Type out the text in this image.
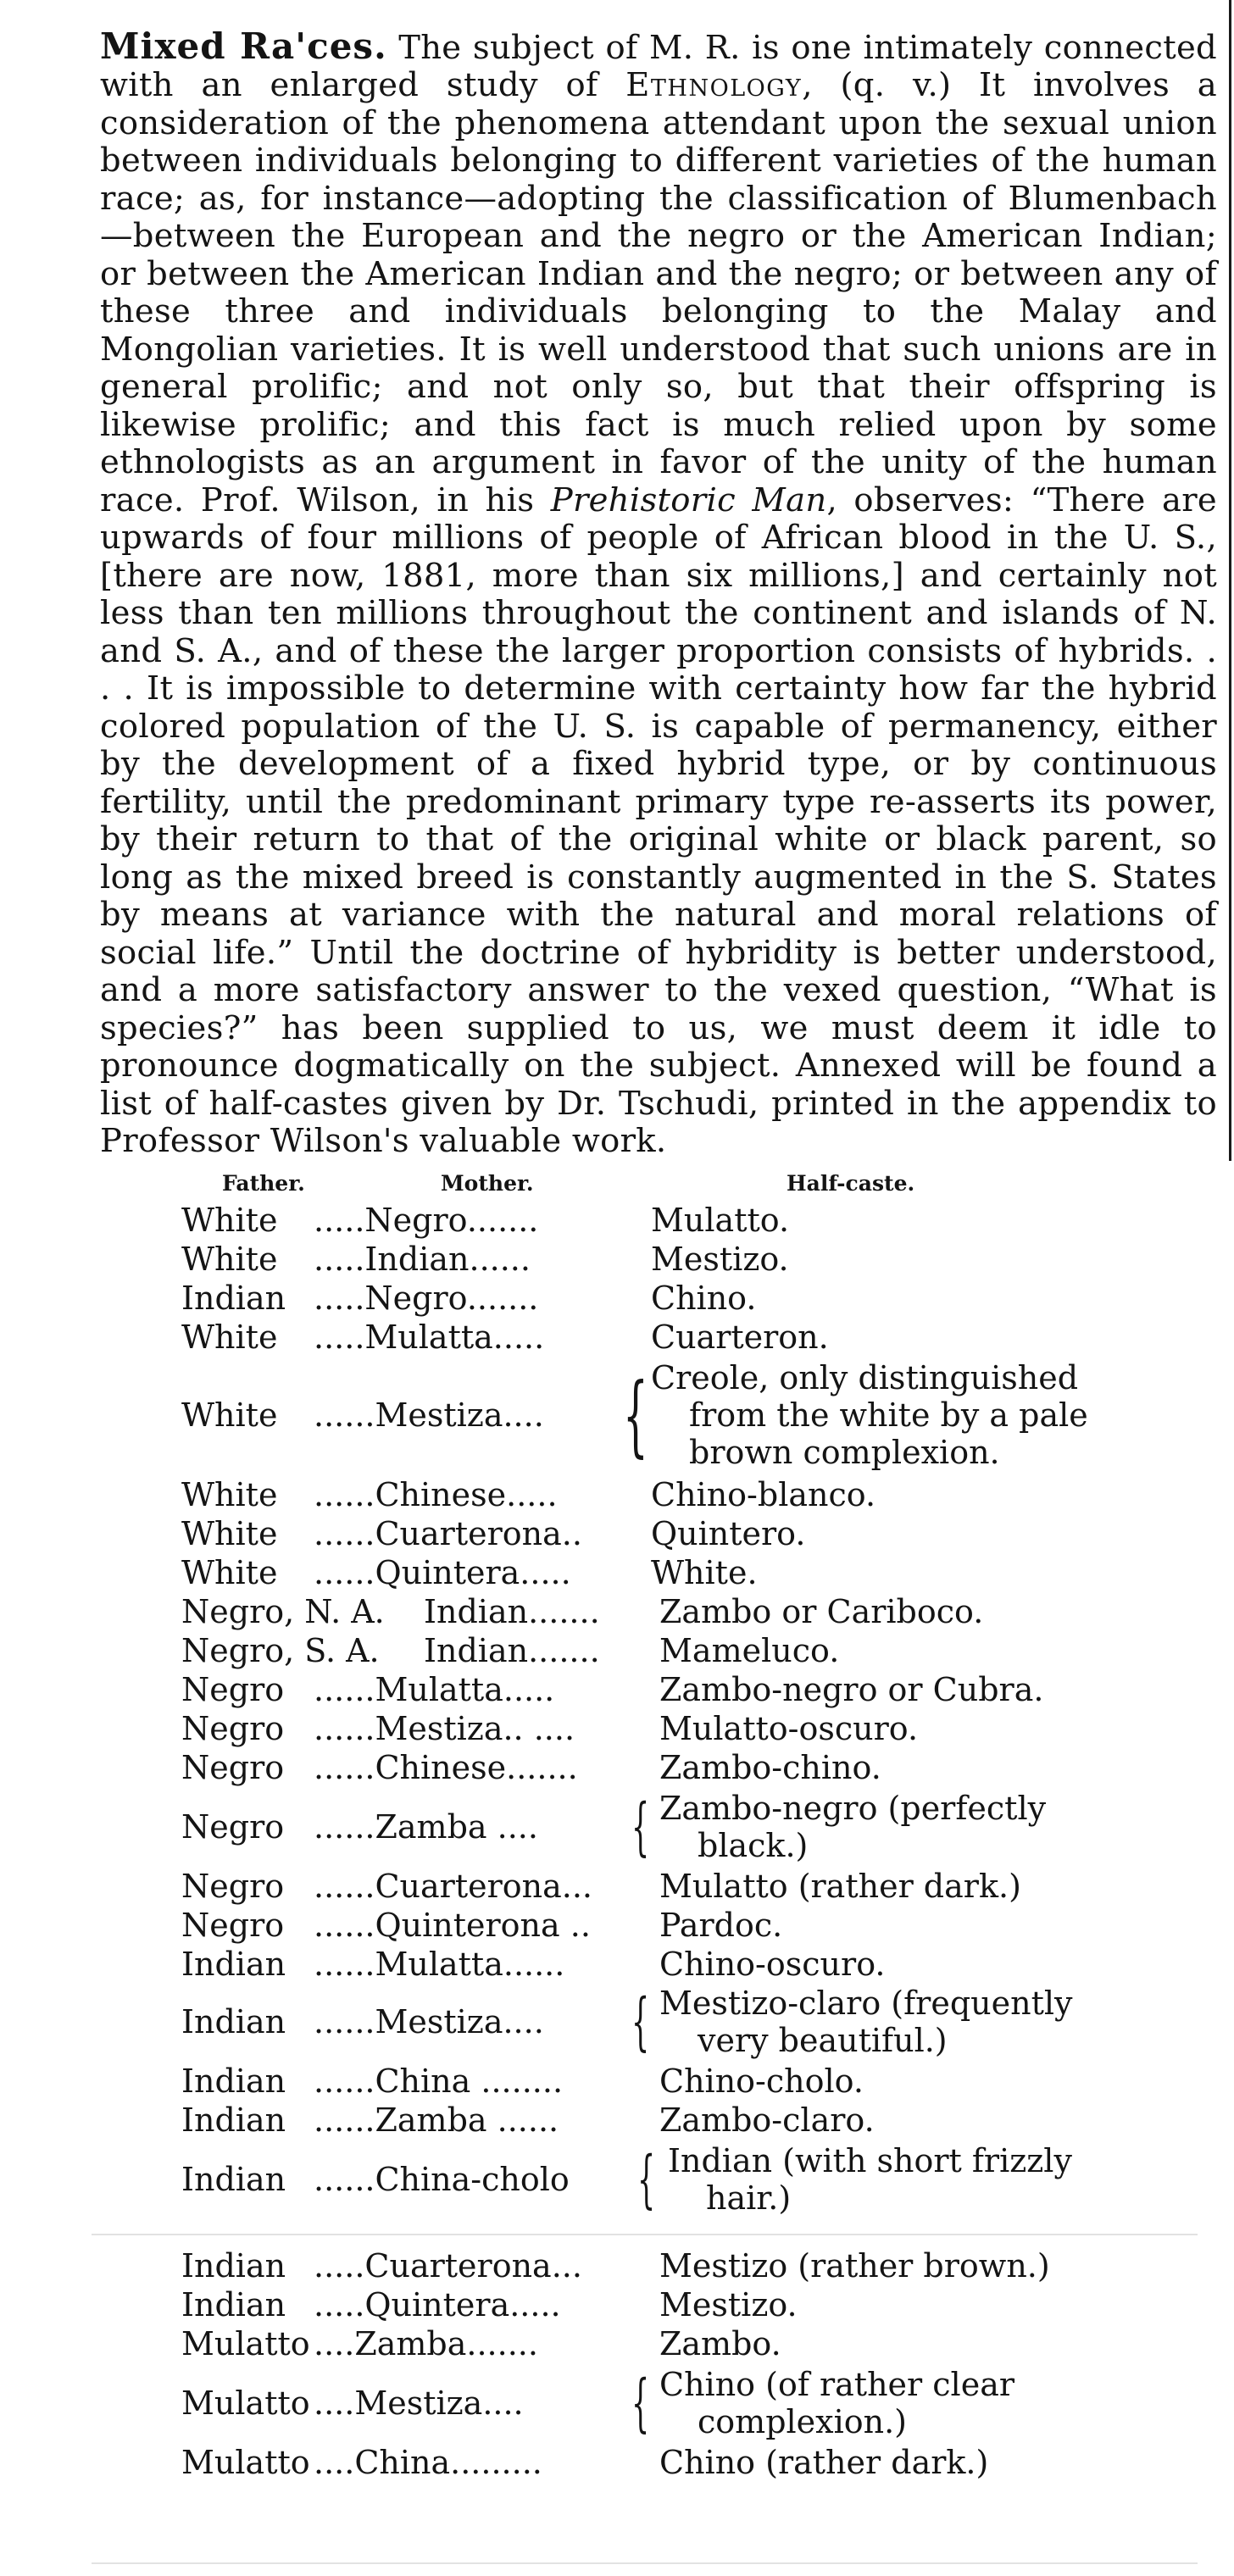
Mixed Ra'ces. The subject of M. R. is one intimately connected with an enlarged study of Ethnology, (q. v.) It involves a consideration of the phenomena attendant upon the sexual union between individuals belonging to different varieties of the human race; as, for instance—adopting the classification of Blumenbach—between the European and the negro or the American Indian; or between the American Indian and the negro; or between any of these three and individuals belonging to the Malay and Mongolian varieties. It is well understood that such unions are in general prolific; and not only so, but that their offspring is likewise prolific; and this fact is much relied upon by some ethnologists as an argument in favor of the unity of the human race. Prof. Wilson, in his Prehistoric Man, observes: “There are upwards of four millions of people of African blood in the U. S., [there are now, 1881, more than six millions,] and certainly not less than ten millions throughout the continent and islands of N. and S. A., and of these the larger proportion consists of hybrids. . . . It is impossible to determine with certainty how far the hybrid colored population of the U. S. is capable of permanency, either by the development of a fixed hybrid type, or by continuous fertility, until the predominant primary type re-asserts its power, by their return to that of the original white or black parent, so long as the mixed breed is constantly augmented in the S. States by means at variance with the natural and moral relations of social life.” Until the doctrine of hybridity is better understood, and a more satisfactory answer to the vexed question, “What is species?” has been supplied to us, we must deem it idle to pronounce dogmatically on the subject. Annexed will be found a list of half-castes given by Dr. Tschudi, printed in the appendix to Professor Wilson's valuable work.

Father.	Mother.	Half-caste.
White .....Negro.......	Mulatto.
White .....Indian......	Mestizo.
Indian .....Negro.......	Chino.
White .....Mulatta.....	Cuarteron.
White ......Mestiza.... { Creole, only distinguished
from the white by a pale
brown complexion.
White ......Chinese.....	Chino-blanco.
White ......Cuarterona.. Quintero.
White ......Quintera..... White.
Negro, N. A. Indian....... Zambo or Cariboco.
Negro, S. A. Indian....... Mameluco.
Negro ......Mulatta.....	Zambo-negro or Cubra.
Negro ......Mestiza.. ....	Mulatto-oscuro.
Negro ......Chinese.......	Zambo-chino.
Negro ......Zamba .... { Zambo-negro (perfectly
black.)
Negro ......Cuarterona... Mulatto (rather dark.)
Negro ......Quinterona .. Pardoc.
Indian ......Mulatta......	Chino-oscuro.
Indian ......Mestiza.... { Mestizo-claro (frequently
very beautiful.)
Indian ......China ........	Chino-cholo.
Indian ......Zamba ......	Zambo-claro.
Indian ......China-cholo { Indian (with short frizzly
hair.)
Indian .....Cuarterona... Mestizo (rather brown.)
Indian .....Quintera.....	Mestizo.
Mulatto ....Zamba.......	Zambo.
Mulatto ....Mestiza.... { Chino (of rather clear
complexion.)
Mulatto ....China.........	Chino (rather dark.)
